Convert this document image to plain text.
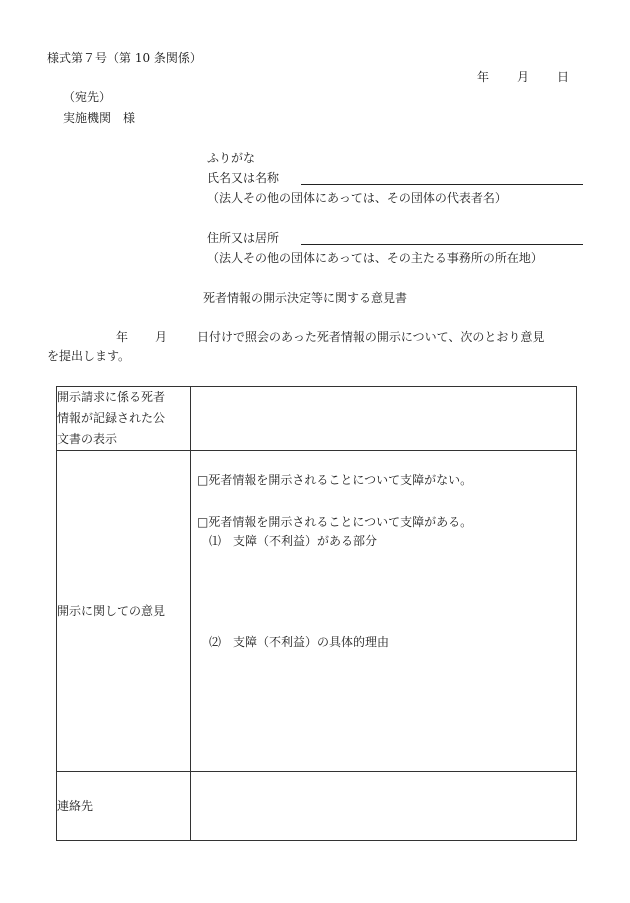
様式第７号（第 10 条関係）
年 月 日
（宛先）
実施機関　様
ふりがな
氏名又は名称
（法人その他の団体にあっては、その団体の代表者名）
住所又は居所
（法人その他の団体にあっては、その主たる事務所の所在地）
死者情報の開示決定等に関する意見書
年 月 日付けで照会のあった死者情報の開示について、次のとおり意見
を提出します。
開示請求に係る死者
情報が記録された公
文書の表示	

開示に関しての意見	□死者情報を開示されることについて支障がない。
□死者情報を開示されることについて支障がある。
⑴　支障（不利益）がある部分
⑵　支障（不利益）の具体的理由

連絡先	
